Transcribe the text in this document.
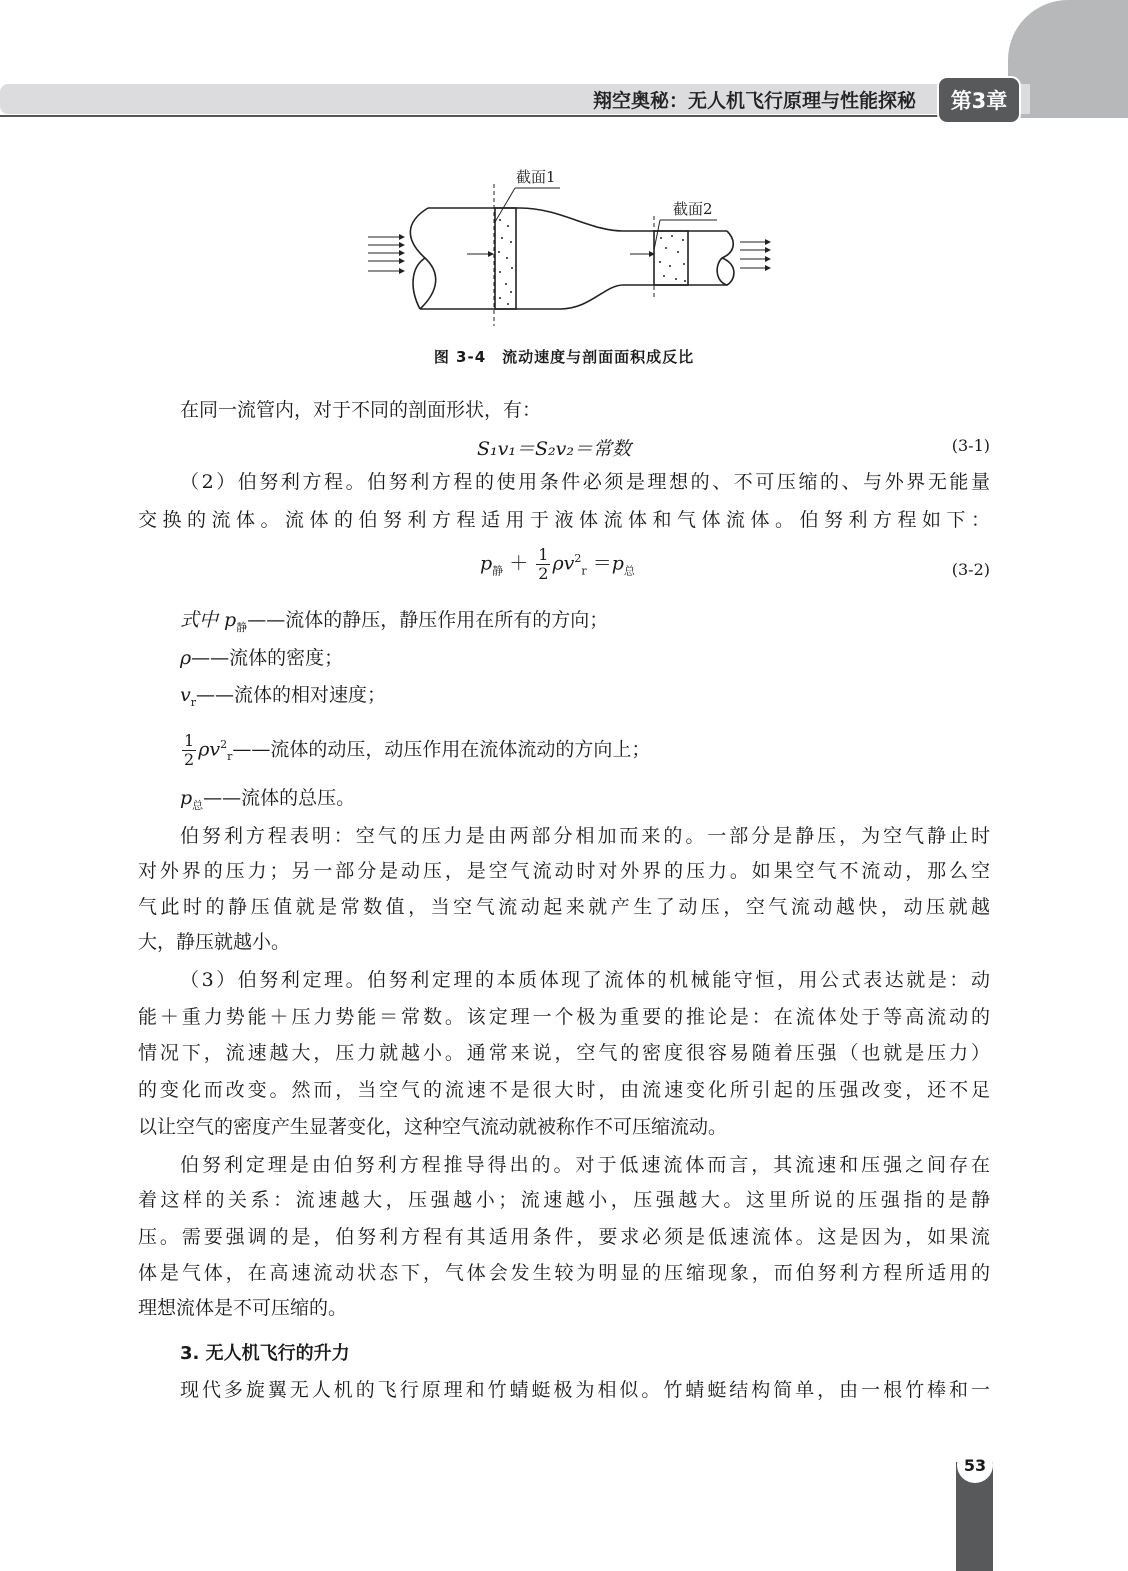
翔空奥秘：无人机飞行原理与性能探秘	第3章
截面1
截面2
图 3-4　流动速度与剖面面积成反比
在同一流管内，对于不同的剖面形状，有：
S₁v₁＝S₂v₂＝常数	(3-1)
（2）伯努利方程。伯努利方程的使用条件必须是理想的、不可压缩的、与外界无能量
交换的流体。流体的伯努利方程适用于液体流体和气体流体。伯努利方程如下：
$p_静 + \frac{1}{2} \rho v^2_r =p_总$	(3-2)
式中 $p_静——$流体的静压，静压作用在所有的方向；
ρ——流体的密度；
$v_r——$流体的相对速度；
$\frac{1}{2}$ $\rho v^2_r——$流体的动压，动压作用在流体流动的方向上；
$p_总——$流体的总压。
伯努利方程表明：空气的压力是由两部分相加而来的。一部分是静压，为空气静止时
对外界的压力；另一部分是动压，是空气流动时对外界的压力。如果空气不流动，那么空
气此时的静压值就是常数值，当空气流动起来就产生了动压，空气流动越快，动压就越
大，静压就越小。
（3）伯努利定理。伯努利定理的本质体现了流体的机械能守恒，用公式表达就是：动
能＋重力势能＋压力势能＝常数。该定理一个极为重要的推论是：在流体处于等高流动的
情况下，流速越大，压力就越小。通常来说，空气的密度很容易随着压强（也就是压力）
的变化而改变。然而，当空气的流速不是很大时，由流速变化所引起的压强改变，还不足
以让空气的密度产生显著变化，这种空气流动就被称作不可压缩流动。
伯努利定理是由伯努利方程推导得出的。对于低速流体而言，其流速和压强之间存在
着这样的关系：流速越大，压强越小；流速越小，压强越大。这里所说的压强指的是静
压。需要强调的是，伯努利方程有其适用条件，要求必须是低速流体。这是因为，如果流
体是气体，在高速流动状态下，气体会发生较为明显的压缩现象，而伯努利方程所适用的
理想流体是不可压缩的。
3. 无人机飞行的升力
现代多旋翼无人机的飞行原理和竹蜻蜓极为相似。竹蜻蜓结构简单，由一根竹棒和一
53
